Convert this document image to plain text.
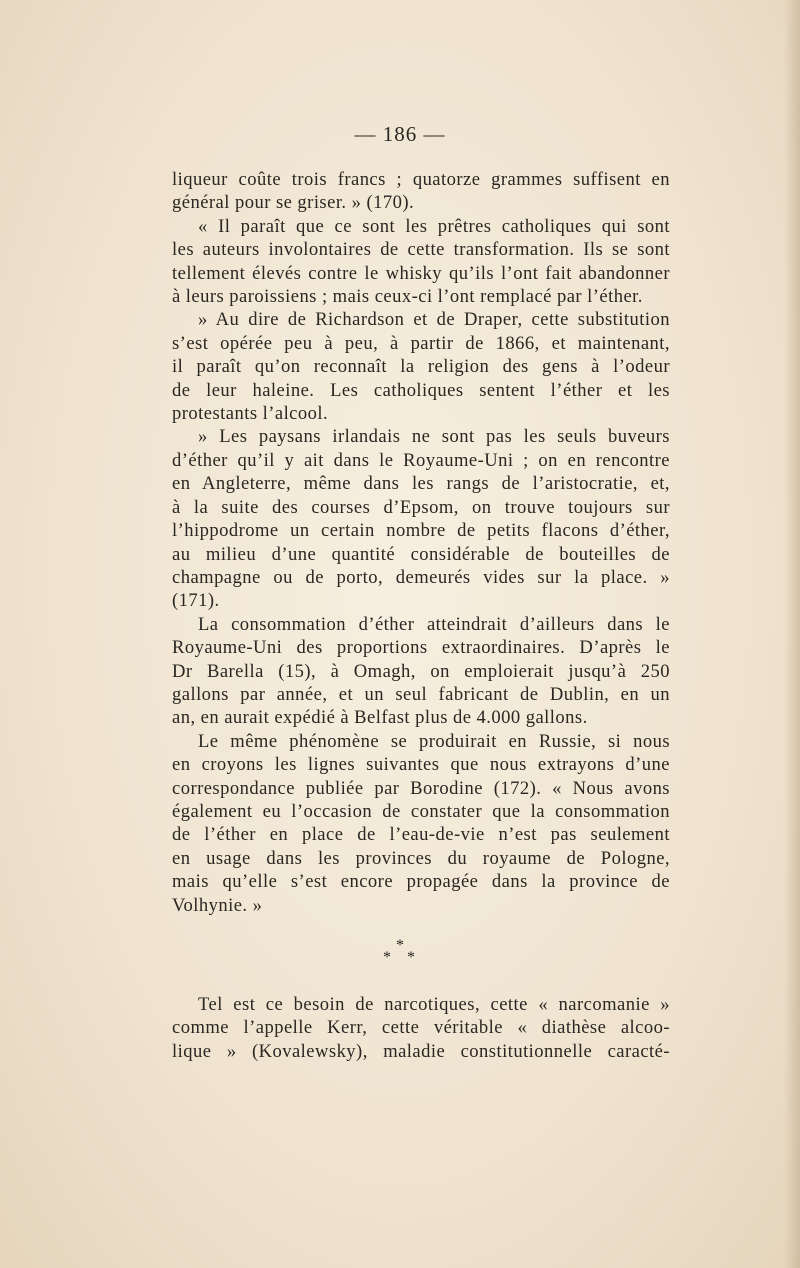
— 186 —
liqueur coûte trois francs ; quatorze grammes suffisent en
général pour se griser. » (170).
« Il paraît que ce sont les prêtres catholiques qui sont
les auteurs involontaires de cette transformation. Ils se sont
tellement élevés contre le whisky qu’ils l’ont fait abandonner
à leurs paroissiens ; mais ceux-ci l’ont remplacé par l’éther.
» Au dire de Richardson et de Draper, cette substitution
s’est opérée peu à peu, à partir de 1866, et maintenant,
il paraît qu’on reconnaît la religion des gens à l’odeur
de leur haleine. Les catholiques sentent l’éther et les
protestants l’alcool.
» Les paysans irlandais ne sont pas les seuls buveurs
d’éther qu’il y ait dans le Royaume-Uni ; on en rencontre
en Angleterre, même dans les rangs de l’aristocratie, et,
à la suite des courses d’Epsom, on trouve toujours sur
l’hippodrome un certain nombre de petits flacons d’éther,
au milieu d’une quantité considérable de bouteilles de
champagne ou de porto, demeurés vides sur la place. »
(171).
La consommation d’éther atteindrait d’ailleurs dans le
Royaume-Uni des proportions extraordinaires. D’après le
Dr Barella (15), à Omagh, on emploierait jusqu’à 250
gallons par année, et un seul fabricant de Dublin, en un
an, en aurait expédié à Belfast plus de 4.000 gallons.
Le même phénomène se produirait en Russie, si nous
en croyons les lignes suivantes que nous extrayons d’une
correspondance publiée par Borodine (172). « Nous avons
également eu l’occasion de constater que la consommation
de l’éther en place de l’eau-de-vie n’est pas seulement
en usage dans les provinces du royaume de Pologne,
mais qu’elle s’est encore propagée dans la province de
Volhynie. »
*
* *
Tel est ce besoin de narcotiques, cette « narcomanie »
comme l’appelle Kerr, cette véritable « diathèse alcoo-
lique » (Kovalewsky), maladie constitutionnelle caracté-
